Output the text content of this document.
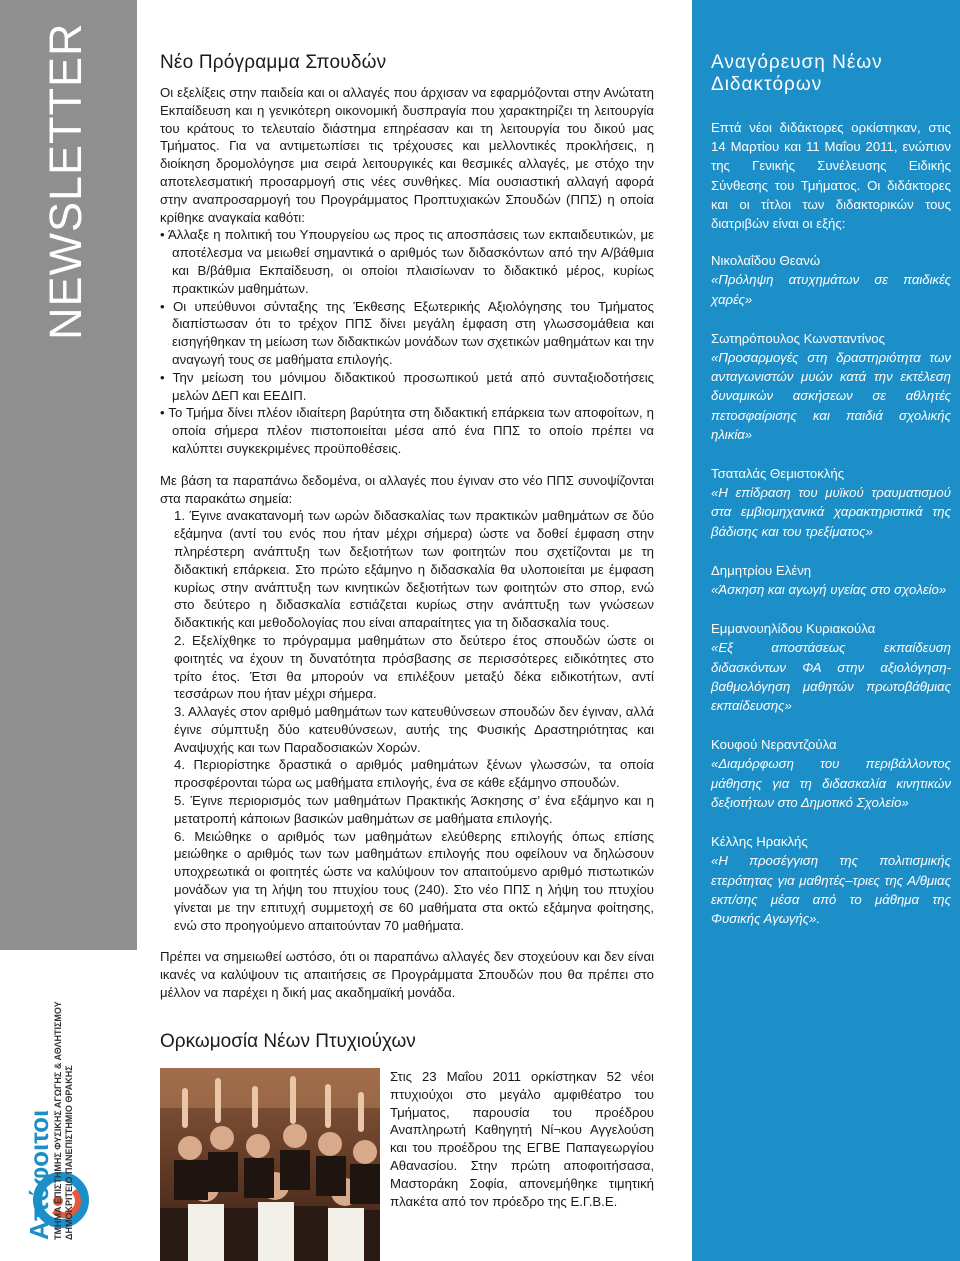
NEWSLETTER
Απόφοιτοι ΤΜΗΜΑ ΕΠΙΣΤΗΜΗΣ ΦΥΣΙΚΗΣ ΑΓΩΓΗΣ & ΑΘΛΗΤΙΣΜΟΥ ΔΗΜΟΚΡΙΤΕΙΟ ΠΑΝΕΠΙΣΤΗΜΙΟ ΘΡΑΚΗΣ
Νέο Πρόγραμμα Σπουδών

Οι εξελίξεις στην παιδεία και οι αλλαγές που άρχισαν να εφαρμόζονται στην Ανώτατη Εκπαίδευση και η γενικότερη οικονομική δυσπραγία που χαρακτηρίζει τη λειτουργία του κράτους το τελευταίο διάστημα επηρέασαν και τη λειτουργία του δικού μας Τμήματος. Για να αντιμετωπίσει τις τρέχουσες και μελλοντικές προκλήσεις, η διοίκηση δρομολόγησε μια σειρά λειτουργικές και θεσμικές αλλαγές, με στόχο την αποτελεσματική προσαρμογή στις νέες συνθήκες. Μία ουσιαστική αλλαγή αφορά στην αναπροσαρμογή του Προγράμματος Προπτυχιακών Σπουδών (ΠΠΣ) η οποία κρίθηκε αναγκαία καθότι:

• Άλλαξε η πολιτική του Υπουργείου ως προς τις αποσπάσεις των εκπαιδευτικών, με αποτέλεσμα να μειωθεί σημαντικά ο αριθμός των διδασκόντων από την Α/βάθμια και Β/βάθμια Εκπαίδευση, οι οποίοι πλαισίωναν το διδακτικό μέρος, κυρίως πρακτικών μαθημάτων.

• Οι υπεύθυνοι σύνταξης της Έκθεσης Εξωτερικής Αξιολόγησης του Τμήματος διαπίστωσαν ότι το τρέχον ΠΠΣ δίνει μεγάλη έμφαση στη γλωσσομάθεια και εισηγήθηκαν τη μείωση των διδακτικών μονάδων των σχετικών μαθημάτων και την αναγωγή τους σε μαθήματα επιλογής.

• Την μείωση του μόνιμου διδακτικού προσωπικού μετά από συνταξιοδοτήσεις μελών ΔΕΠ και ΕΕΔΙΠ.

• Το Τμήμα δίνει πλέον ιδιαίτερη βαρύτητα στη διδακτική επάρκεια των αποφοίτων, η οποία σήμερα πλέον πιστοποιείται μέσα από ένα ΠΠΣ το οποίο πρέπει να καλύπτει συγκεκριμένες προϋποθέσεις.

Με βάση τα παραπάνω δεδομένα, οι αλλαγές που έγιναν στο νέο ΠΠΣ συνοψίζονται στα παρακάτω σημεία:

1. Έγινε ανακατανομή των ωρών διδασκαλίας των πρακτικών μαθημάτων σε δύο εξάμηνα (αντί του ενός που ήταν μέχρι σήμερα) ώστε να δοθεί έμφαση στην πληρέστερη ανάπτυξη των δεξιοτήτων των φοιτητών που σχετίζονται με τη διδακτική επάρκεια. Στο πρώτο εξάμηνο η διδασκαλία θα υλοποιείται με έμφαση κυρίως στην ανάπτυξη των κινητικών δεξιοτήτων των φοιτητών στο σπορ, ενώ στο δεύτερο η διδασκαλία εστιάζεται κυρίως στην ανάπτυξη των γνώσεων διδακτικής και μεθοδολογίας που είναι απαραίτητες για τη διδασκαλία τους.

2. Εξελίχθηκε το πρόγραμμα μαθημάτων στο δεύτερο έτος σπουδών ώστε οι φοιτητές να έχουν τη δυνατότητα πρόσβασης σε περισσότερες ειδικότητες στο τρίτο έτος. Έτσι θα μπορούν να επιλέξουν μεταξύ δέκα ειδικοτήτων, αντί τεσσάρων που ήταν μέχρι σήμερα.

3. Αλλαγές στον αριθμό μαθημάτων των κατευθύνσεων σπουδών δεν έγιναν, αλλά έγινε σύμπτυξη δύο κατευθύνσεων, αυτής της Φυσικής Δραστηριότητας και Αναψυχής και των Παραδοσιακών Χορών.

4. Περιορίστηκε δραστικά ο αριθμός μαθημάτων ξένων γλωσσών, τα οποία προσφέρονται τώρα ως μαθήματα επιλογής, ένα σε κάθε εξάμηνο σπουδών.

5. Έγινε περιορισμός των μαθημάτων Πρακτικής Άσκησης σ’ ένα εξάμηνο και η μετατροπή κάποιων βασικών μαθημάτων σε μαθήματα επιλογής.

6. Μειώθηκε ο αριθμός των μαθημάτων ελεύθερης επιλογής όπως επίσης μειώθηκε ο αριθμός των των μαθημάτων επιλογής που οφείλουν να δηλώσουν υποχρεωτικά οι φοιτητές ώστε να καλύψουν τον απαιτούμενο αριθμό πιστωτικών μονάδων για τη λήψη του πτυχίου τους (240). Στο νέο ΠΠΣ η λήψη του πτυχίου γίνεται με την επιτυχή συμμετοχή σε 60 μαθήματα στα οκτώ εξάμηνα φοίτησης, ενώ στο προηγούμενο απαιτούνταν 70 μαθήματα.

Πρέπει να σημειωθεί ωστόσο, ότι οι παραπάνω αλλαγές δεν στοχεύουν και δεν είναι ικανές να καλύψουν τις απαιτήσεις σε Προγράμματα Σπουδών που θα πρέπει στο μέλλον να παρέχει η δική μας ακαδημαϊκή μονάδα.

Ορκωμοσία Νέων Πτυχιούχων
Στις 23 Μαΐου 2011 ορκίστηκαν 52 νέοι πτυχιούχοι στο μεγάλο αμφιθέατρο του Τμήματος, παρουσία του προέδρου Αναπληρωτή Καθηγητή Νί¬κου Αγγελούση και του προέδρου της ΕΓΒΕ Παπαγεωργίου Αθανασίου. Στην πρώτη αποφοιτήσασα, Μαστοράκη Σοφία, απονεμήθηκε τιμητική πλακέτα από τον πρόεδρο της Ε.Γ.Β.Ε.
Αναγόρευση Νέων Διδακτόρων

Επτά νέοι διδάκτορες ορκίστηκαν, στις 14 Μαρτίου και 11 Μαΐου 2011, ενώπιον της Γενικής Συνέλευσης Ειδικής Σύνθεσης του Τμήματος. Οι διδάκτορες και οι τίτλοι των διδακτορικών τους διατριβών είναι οι εξής:

Νικολαΐδου Θεανώ

«Πρόληψη ατυχημάτων σε παιδικές χαρές»

Σωτηρόπουλος Κωνσταντίνος

«Προσαρμογές στη δραστηριότητα των ανταγωνιστών μυών κατά την εκτέλεση δυναμικών ασκήσεων σε αθλητές πετοσφαίρισης και παιδιά σχολικής ηλικία»

Τσαταλάς Θεμιστοκλής

«Η επίδραση του μυϊκού τραυματισμού στα εμβιομηχανικά χαρακτηριστικά της βάδισης και του τρεξίματος»

Δημητρίου Ελένη

«Άσκηση και αγωγή υγείας στο σχολείο»

Εμμανουηλίδου Κυριακούλα

«Εξ αποστάσεως εκπαίδευση διδασκόντων ΦΑ στην αξιολόγηση-βαθμολόγηση μαθητών πρωτοβάθμιας εκπαίδευσης»

Κουφού Νεραντζούλα

«Διαμόρφωση του περιβάλλοντος μάθησης για τη διδασκαλία κινητικών δεξιοτήτων στο Δημοτικό Σχολείο»

Κέλλης Ηρακλής

«Η προσέγγιση της πολιτισμικής ετερότητας για μαθητές–τριες της Α/θμιας εκπ/σης μέσα από το μάθημα της Φυσικής Αγωγής».
